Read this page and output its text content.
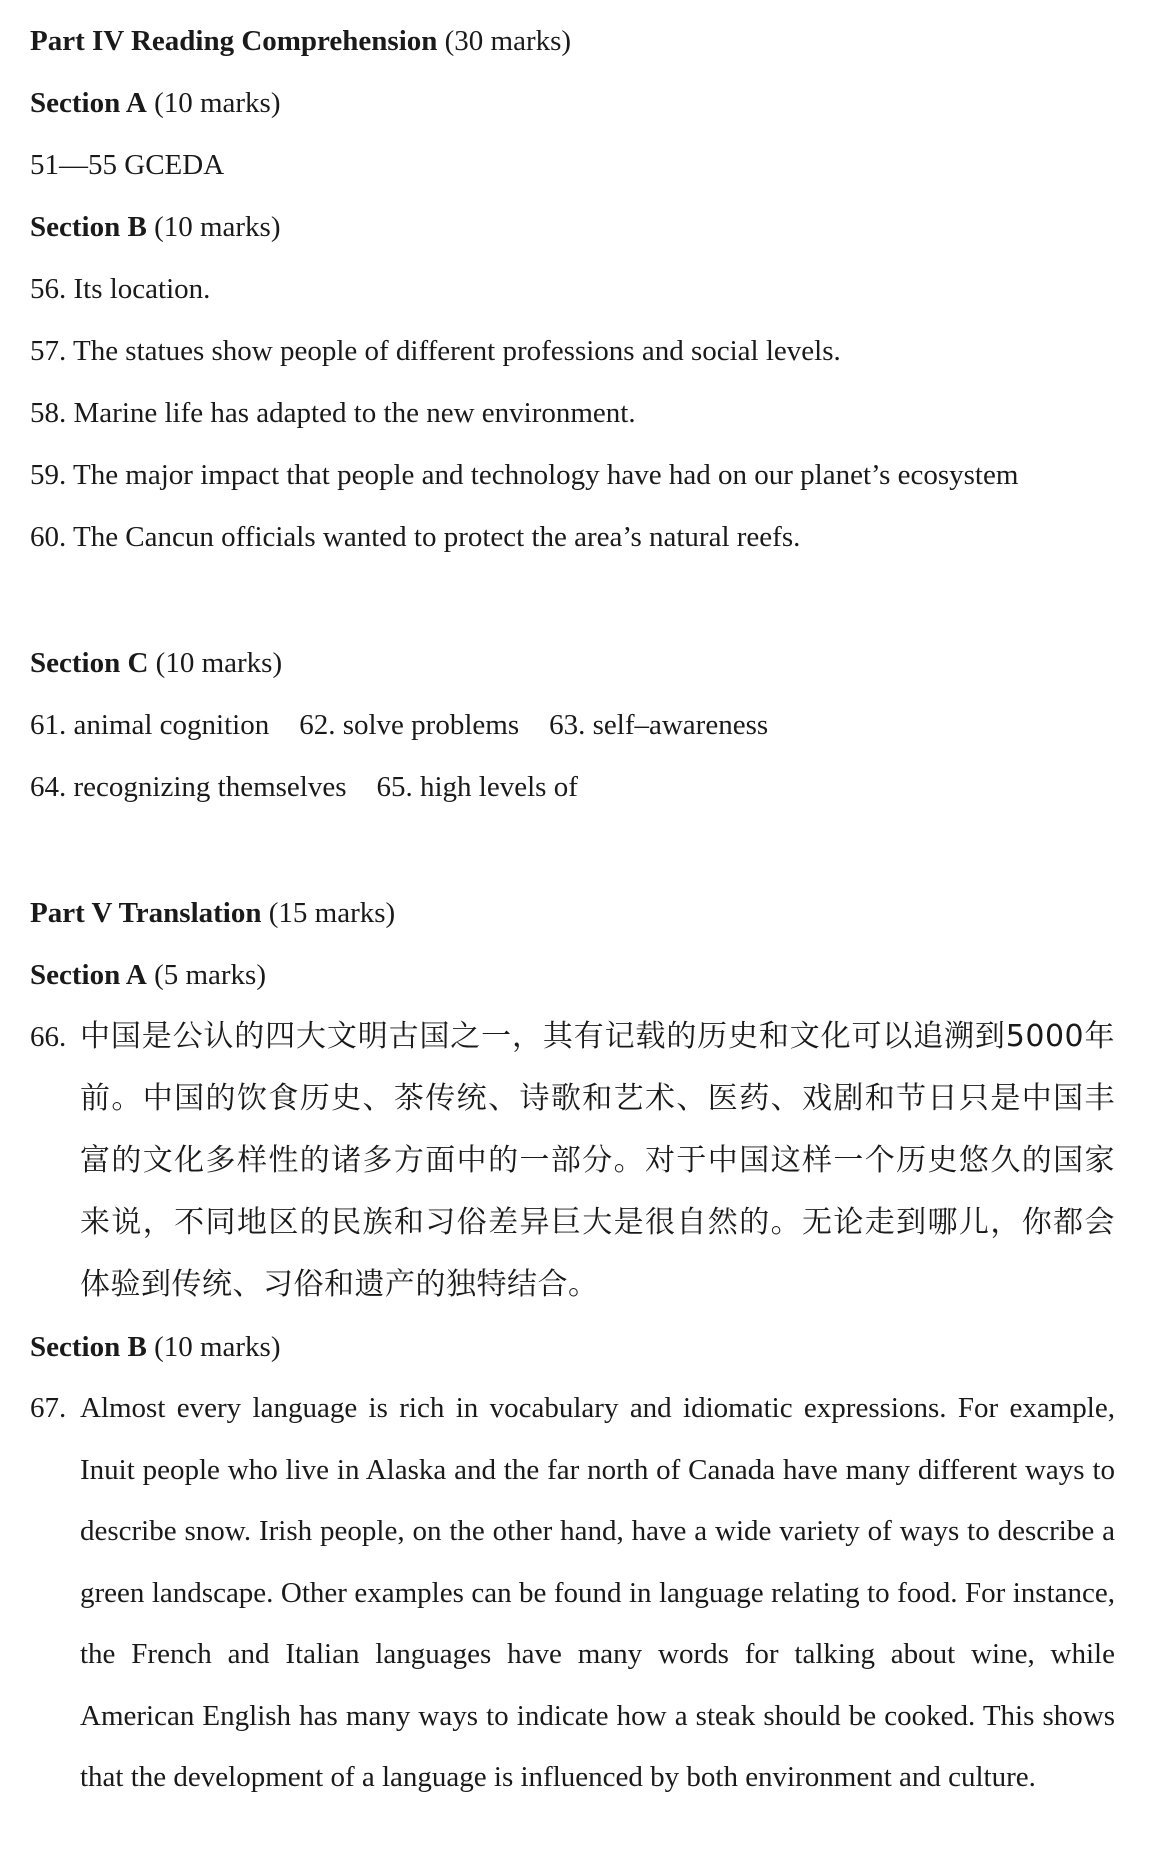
Part IV Reading Comprehension (30 marks)
Section A (10 marks)
51—55 GCEDA
Section B (10 marks)
56. Its location.
57. The statues show people of different professions and social levels.
58. Marine life has adapted to the new environment.
59. The major impact that people and technology have had on our planet’s ecosystem
60. The Cancun officials wanted to protect the area’s natural reefs.
Section C (10 marks)
61. animal cognition 62. solve problems 63. self–awareness
64. recognizing themselves 65. high levels of
Part V Translation (15 marks)
Section A (5 marks)
66. 中国是公认的四大文明古国之一，其有记载的历史和文化可以追溯到5000年前。中国的饮食历史、茶传统、诗歌和艺术、医药、戏剧和节日只是中国丰富的文化多样性的诸多方面中的一部分。对于中国这样一个历史悠久的国家来说，不同地区的民族和习俗差异巨大是很自然的。无论走到哪儿，你都会体验到传统、习俗和遗产的独特结合。
Section B (10 marks)
67. Almost every language is rich in vocabulary and idiomatic expressions. For example, Inuit people who live in Alaska and the far north of Canada have many different ways to describe snow. Irish people, on the other hand, have a wide variety of ways to describe a green landscape. Other examples can be found in language relating to food. For instance, the French and Italian languages have many words for talking about wine, while American English has many ways to indicate how a steak should be cooked. This shows that the development of a language is influenced by both environment and culture.
